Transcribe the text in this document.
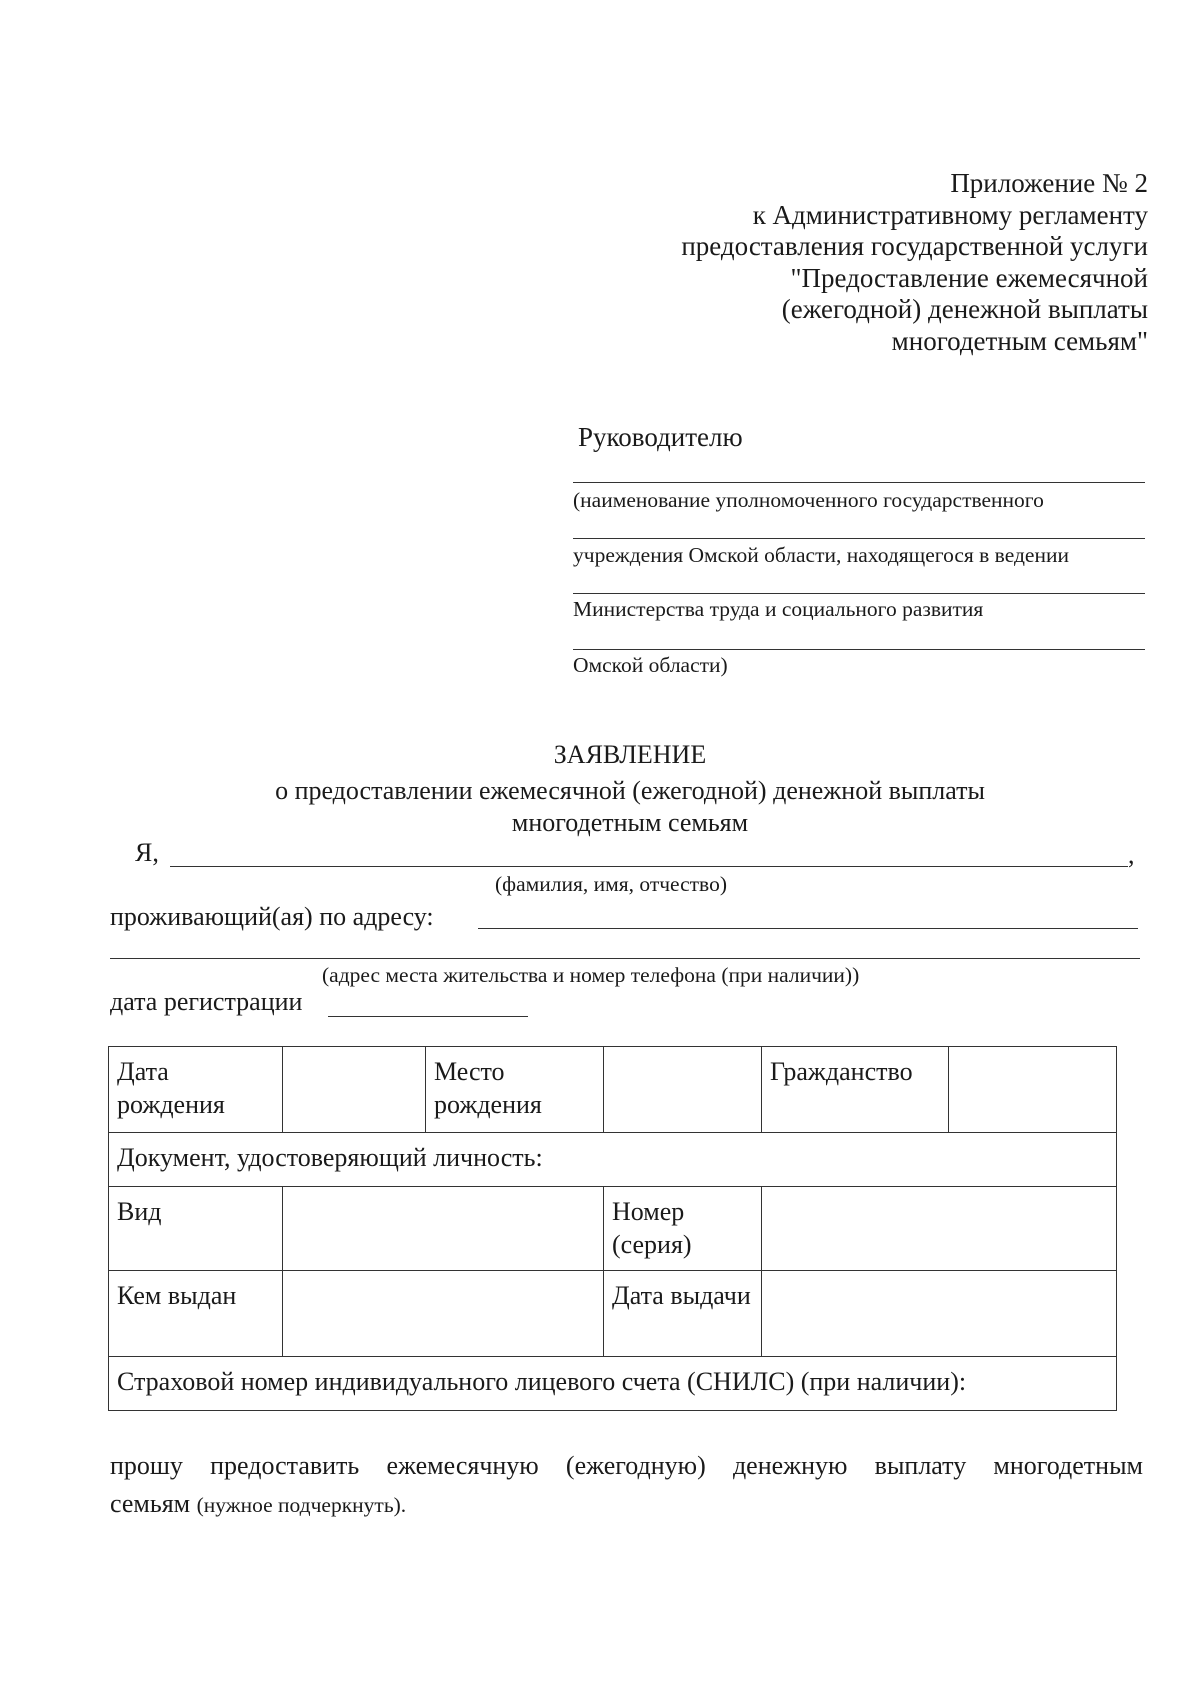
Приложение № 2
к Административному регламенту
предоставления государственной услуги
"Предоставление ежемесячной
(ежегодной) денежной выплаты
многодетным семьям"
Руководителю
(наименование уполномоченного государственного
учреждения Омской области, находящегося в ведении
Министерства труда и социального развития
Омской области)
ЗАЯВЛЕНИЕ
о предоставлении ежемесячной (ежегодной) денежной выплаты
многодетным семьям
Я,	,
(фамилия, имя, отчество)
проживающий(ая) по адресу:
(адрес места жительства и номер телефона (при наличии))
дата регистрации
Дата рождения		Место рождения		Гражданство	
Документ, удостоверяющий личность:					
Вид			Номер (серия)		
Кем выдан			Дата выдачи		
Страховой номер индивидуального лицевого счета (СНИЛС) (при наличии):					
прошу предоставить ежемесячную (ежегодную) денежную выплату многодетным
семьям (нужное подчеркнуть).
